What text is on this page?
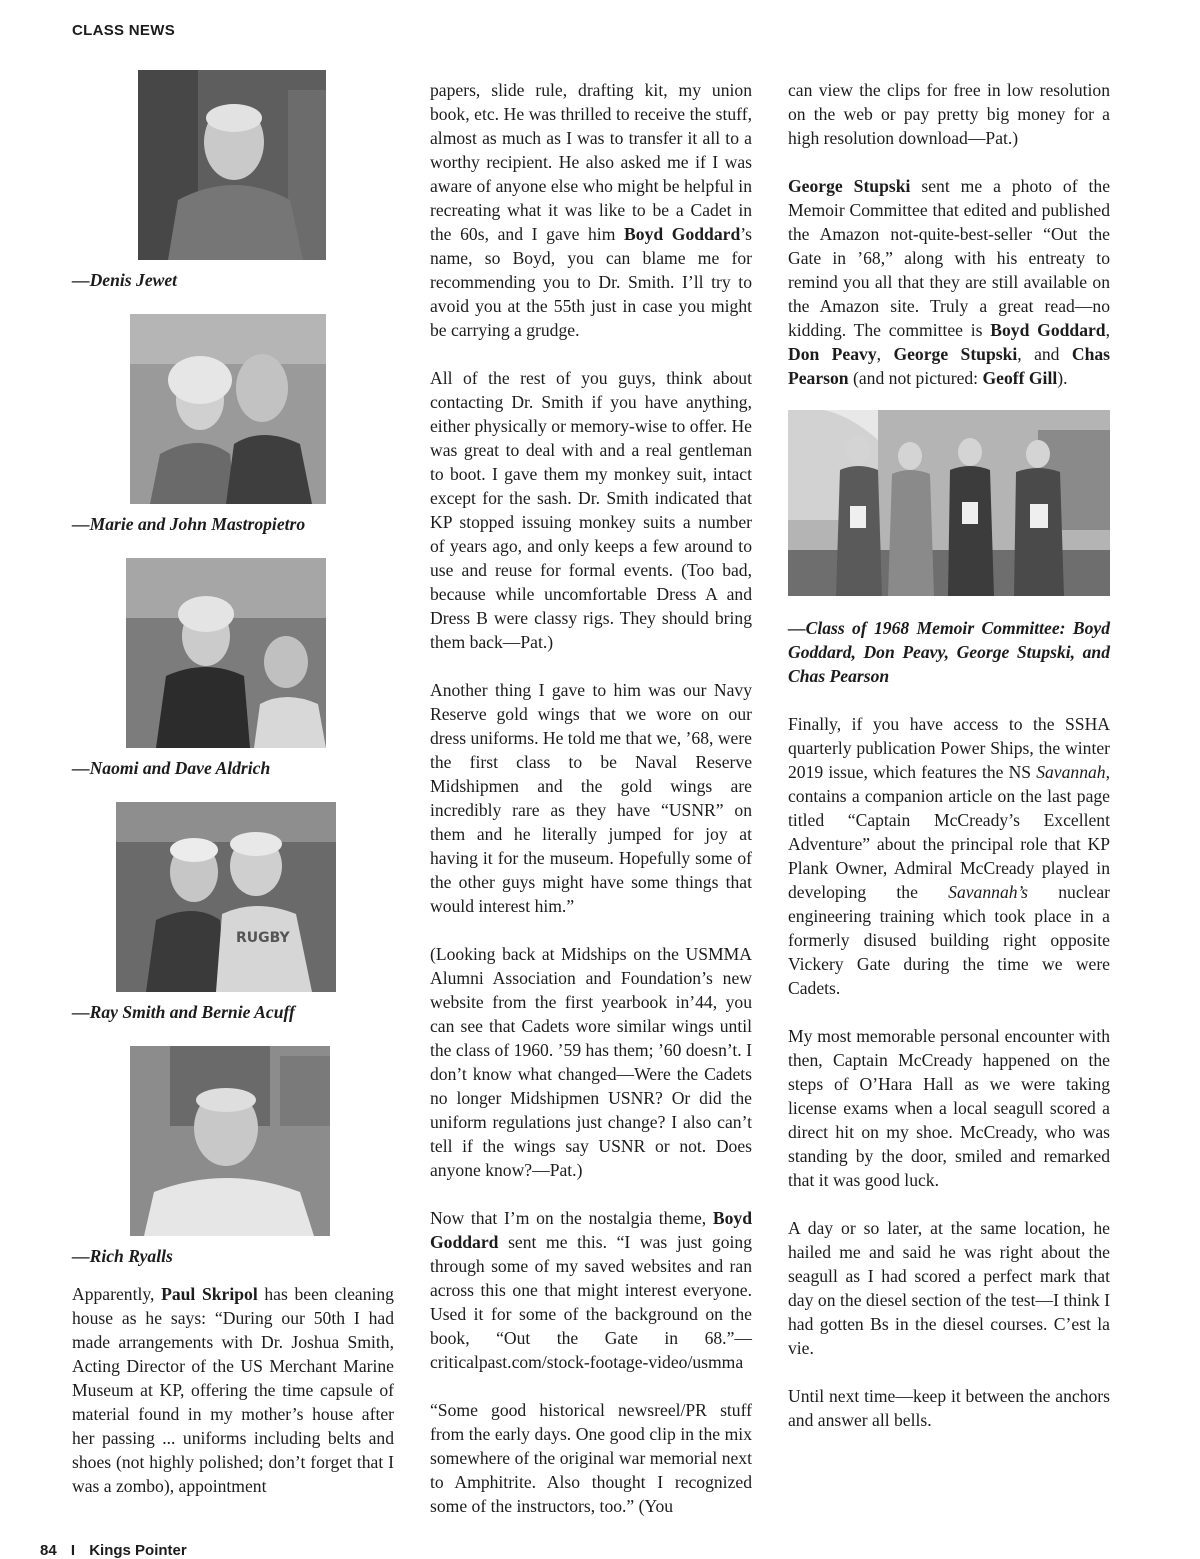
CLASS NEWS
—Denis Jewet
—Marie and John Mastropietro
—Naomi and Dave Aldrich
RUGBY
—Ray Smith and Bernie Acuff
—Rich Ryalls

Apparently, Paul Skripol has been cleaning house as he says: “During our 50th I had made arrangements with Dr. Joshua Smith, Acting Director of the US Merchant Marine Museum at KP, offering the time capsule of material found in my mother’s house after her passing ... uniforms including belts and shoes (not highly polished; don’t forget that I was a zombo), appointment

papers, slide rule, drafting kit, my union book, etc. He was thrilled to receive the stuff, almost as much as I was to transfer it all to a worthy recipient. He also asked me if I was aware of anyone else who might be helpful in recreating what it was like to be a Cadet in the 60s, and I gave him Boyd Goddard’s name, so Boyd, you can blame me for recommending you to Dr. Smith. I’ll try to avoid you at the 55th just in case you might be carrying a grudge.

All of the rest of you guys, think about contacting Dr. Smith if you have anything, either physically or memory-wise to offer. He was great to deal with and a real gentleman to boot. I gave them my monkey suit, intact except for the sash. Dr. Smith indicated that KP stopped issuing monkey suits a number of years ago, and only keeps a few around to use and reuse for formal events. (Too bad, because while uncomfortable Dress A and Dress B were classy rigs. They should bring them back—Pat.)

Another thing I gave to him was our Navy Reserve gold wings that we wore on our dress uniforms. He told me that we, ’68, were the first class to be Naval Reserve Midshipmen and the gold wings are incredibly rare as they have “USNR” on them and he literally jumped for joy at having it for the museum. Hopefully some of the other guys might have some things that would interest him.”

(Looking back at Midships on the USMMA Alumni Association and Foundation’s new website from the first yearbook in’44, you can see that Cadets wore similar wings until the class of 1960. ’59 has them; ’60 doesn’t. I don’t know what changed—Were the Cadets no longer Midshipmen USNR? Or did the uniform regulations just change? I also can’t tell if the wings say USNR or not. Does anyone know?—Pat.)

Now that I’m on the nostalgia theme, Boyd Goddard sent me this. “I was just going through some of my saved websites and ran across this one that might interest everyone. Used it for some of the background on the book, “Out the Gate in 68.”—criticalpast.com/stock-footage-video/usmma

“Some good historical newsreel/PR stuff from the early days. One good clip in the mix somewhere of the original war memorial next to Amphitrite. Also thought I recognized some of the instructors, too.” (You

can view the clips for free in low resolution on the web or pay pretty big money for a high resolution download—Pat.)

George Stupski sent me a photo of the Memoir Committee that edited and published the Amazon not-quite-best-seller “Out the Gate in ’68,” along with his entreaty to remind you all that they are still available on the Amazon site. Truly a great read—no kidding. The committee is Boyd Goddard, Don Peavy, George Stupski, and Chas Pearson (and not pictured: Geoff Gill).

—Class of 1968 Memoir Committee: Boyd Goddard, Don Peavy, George Stupski, and Chas Pearson

Finally, if you have access to the SSHA quarterly publication Power Ships, the winter 2019 issue, which features the NS Savannah, contains a companion article on the last page titled “Captain McCready’s Excellent Adventure” about the principal role that KP Plank Owner, Admiral McCready played in developing the Savannah’s nuclear engineering training which took place in a formerly disused building right opposite Vickery Gate during the time we were Cadets.

My most memorable personal encounter with then, Captain McCready happened on the steps of O’Hara Hall as we were taking license exams when a local seagull scored a direct hit on my shoe. McCready, who was standing by the door, smiled and remarked that it was good luck.

A day or so later, at the same location, he hailed me and said he was right about the seagull as I had scored a perfect mark that day on the diesel section of the test—I think I had gotten Bs in the diesel courses. C’est la vie.

Until next time—keep it between the anchors and answer all bells.

84 I Kings Pointer
